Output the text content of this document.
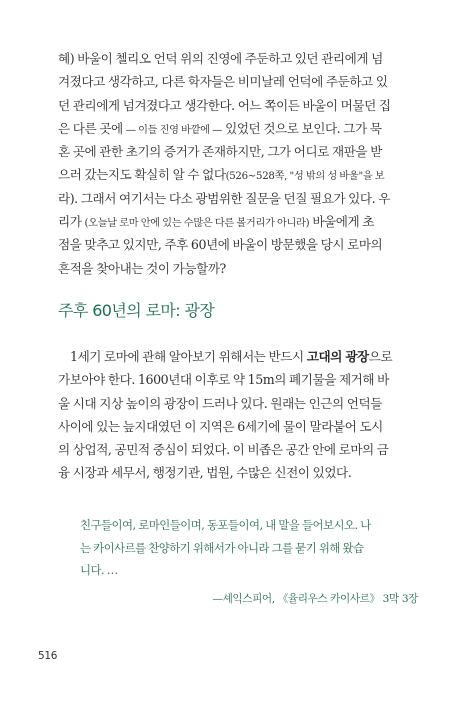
혜) 바울이 첼리오 언덕 위의 진영에 주둔하고 있던 관리에게 넘
겨졌다고 생각하고, 다른 학자들은 비미날레 언덕에 주둔하고 있
던 관리에게 넘겨졌다고 생각한다. 어느 쪽이든 바울이 머물던 집
은 다른 곳에 — 이들 진영 바깥에 — 있었던 것으로 보인다. 그가 묵
혼 곳에 관한 초기의 증거가 존재하지만, 그가 어디로 재판을 받
으러 갔는지도 확실히 알 수 없다(526~528쪽, "성 밖의 성 바울"을 보
라). 그래서 여기서는 다소 광범위한 질문을 던질 필요가 있다. 우
리가 (오늘날 로마 안에 있는 수많은 다른 볼거리가 아니라) 바울에게 초
점을 맞추고 있지만, 주후 60년에 바울이 방문했을 당시 로마의
흔적을 찾아내는 것이 가능할까?
주후 60년의 로마: 광장
1세기 로마에 관해 알아보기 위해서는 반드시 고대의 광장으로
가보아야 한다. 1600년대 이후로 약 15m의 폐기물을 제거해 바
울 시대 지상 높이의 광장이 드러나 있다. 원래는 인근의 언덕들
사이에 있는 늪지대였던 이 지역은 6세기에 물이 말라붙어 도시
의 상업적, 공민적 중심이 되었다. 이 비좁은 공간 안에 로마의 금
융 시장과 세무서, 행정기관, 법원, 수많은 신전이 있었다.
친구들이여, 로마인들이며, 동포들이여, 내 말을 들어보시오. 나
는 카이사르를 찬양하기 위해서가 아니라 그를 묻기 위해 왔습
니다. …
—셰익스피어, 《율리우스 카이사르》 3막 3장
516
